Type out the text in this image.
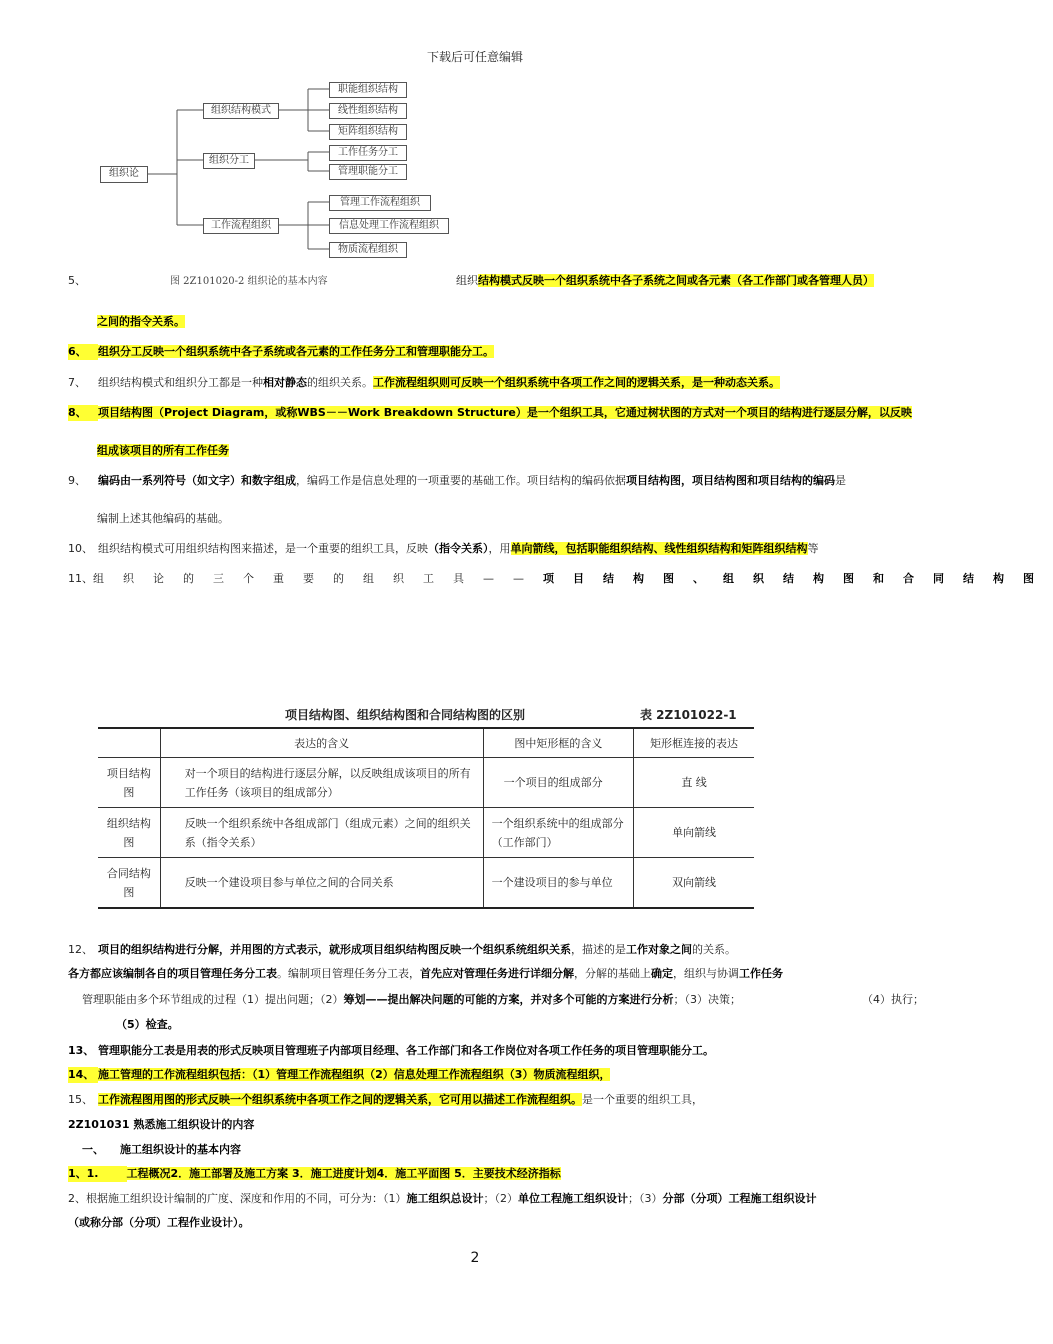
下载后可任意编辑
组织论
组织结构模式
组织分工
工作流程组织
职能组织结构
线性组织结构
矩阵组织结构
工作任务分工
管理职能分工
管理工作流程组织
信息处理工作流程组织
物质流程组织
图 2Z101020-2 组织论的基本内容
5、	组织结构模式反映一个组织系统中各子系统之间或各元素（各工作部门或各管理人员）
之间的指令关系。
6、 组织分工反映一个组织系统中各子系统或各元素的工作任务分工和管理职能分工。
7、 组织结构模式和组织分工都是一种相对静态的组织关系。工作流程组织则可反映一个组织系统中各项工作之间的逻辑关系，是一种动态关系。
8、 项目结构图（Project Diagram，或称WBS－－Work Breakdown Structure）是一个组织工具，它通过树状图的方式对一个项目的结构进行逐层分解，以反映
组成该项目的所有工作任务
9、 编码由一系列符号（如文字）和数字组成，编码工作是信息处理的一项重要的基础工作。项目结构的编码依据项目结构图，项目结构图和项目结构的编码是
编制上述其他编码的基础。
10、 组织结构模式可用组织结构图来描述，是一个重要的组织工具，反映（指令关系），用单向箭线，包括职能组织结构、线性组织结构和矩阵组织结构等
11、 组织论的三个重要的组织工具—— 项目结构图、组织结构图和合同结构图
项目结构图、组织结构图和合同结构图的区别	表 2Z101022-1
	表达的含义	图中矩形框的含义	矩形框连接的表达
项目结构图	对一个项目的结构进行逐层分解，以反映组成该项目的所有工作任务（该项目的组成部分）	一个项目的组成部分	直 线
组织结构图	反映一个组织系统中各组成部门（组成元素）之间的组织关系（指令关系）	一个组织系统中的组成部分（工作部门）	单向箭线
合同结构图	反映一个建设项目参与单位之间的合同关系	一个建设项目的参与单位	双向箭线
12、 项目的组织结构进行分解，并用图的方式表示，就形成项目组织结构图反映一个组织系统组织关系，描述的是工作对象之间的关系。
各方都应该编制各自的项目管理任务分工表。编制项目管理任务分工表，首先应对管理任务进行详细分解，分解的基础上确定，组织与协调工作任务
管理职能由多个环节组成的过程（1）提出问题；（2）筹划——提出解决问题的可能的方案，并对多个可能的方案进行分析；（3）决策；	（4）执行；
（5）检查。
13、 管理职能分工表是用表的形式反映项目管理班子内部项目经理、各工作部门和各工作岗位对各项工作任务的项目管理职能分工。
14、 施工管理的工作流程组织包括：（1）管理工作流程组织（2）信息处理工作流程组织（3）物质流程组织，
15、 工作流程图用图的形式反映一个组织系统中各项工作之间的逻辑关系，它可用以描述工作流程组织。是一个重要的组织工具，
2Z101031 熟悉施工组织设计的内容
一、 施工组织设计的基本内容
1、1.	工程概况2．施工部署及施工方案 3．施工进度计划4．施工平面图 5．主要技术经济指标
2、根据施工组织设计编制的广度、深度和作用的不同，可分为：（1）施工组织总设计；（2）单位工程施工组织设计；（3）分部（分项）工程施工组织设计
（或称分部（分项）工程作业设计）。
2
